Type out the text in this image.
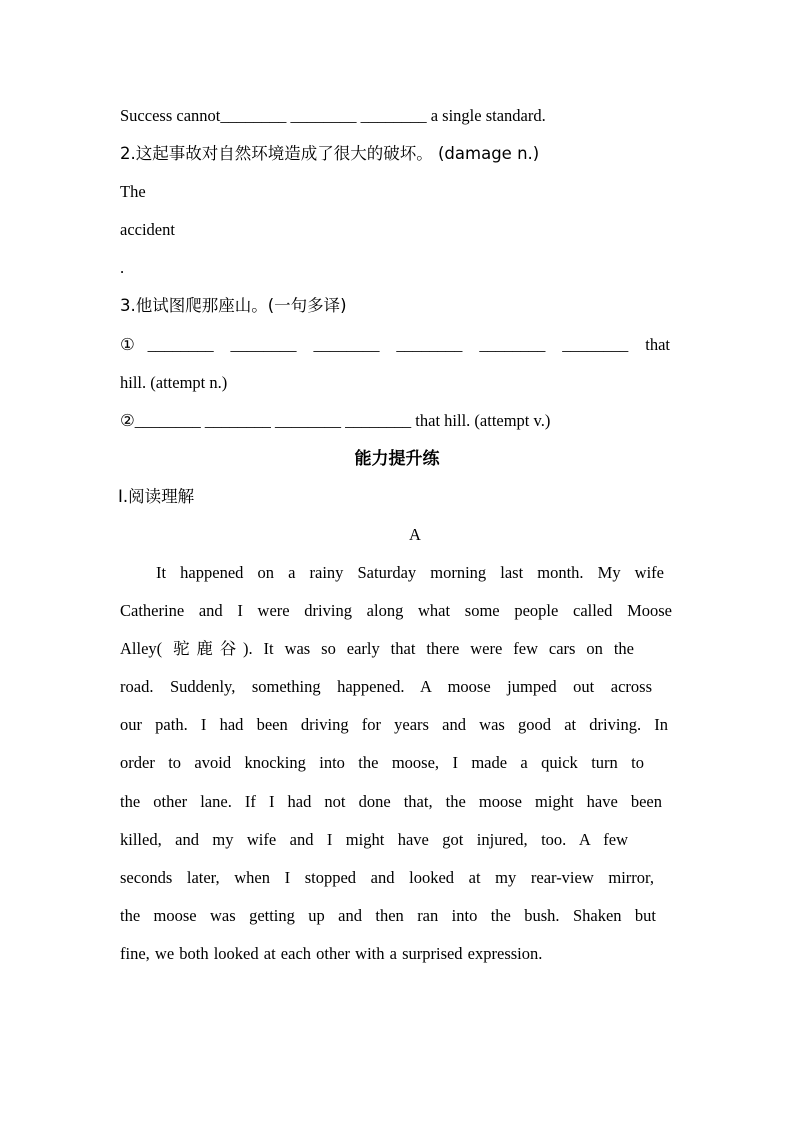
Success cannot________ ________ ________ a single standard.
2.这起事故对自然环境造成了很大的破坏。 (damage n.)
The
accident
.
3.他试图爬那座山。(一句多译)
①________ ________ ________ ________ ________ ________ that
hill. (attempt n.)
②________ ________ ________ ________ that hill. (attempt v.)
能力提升练
Ⅰ.阅读理解
A
It happened on a rainy Saturday morning last month. My wife
Catherine and I were driving along what some people called Moose
Alley( 驼鹿谷). It was so early that there were few cars on the
road. Suddenly, something happened. A moose jumped out across
our path. I had been driving for years and was good at driving. In
order to avoid knocking into the moose, I made a quick turn to
the other lane. If I had not done that, the moose might have been
killed, and my wife and I might have got injured, too. A few
seconds later, when I stopped and looked at my rear-view mirror,
the moose was getting up and then ran into the bush. Shaken but
fine, we both looked at each other with a surprised expression.
